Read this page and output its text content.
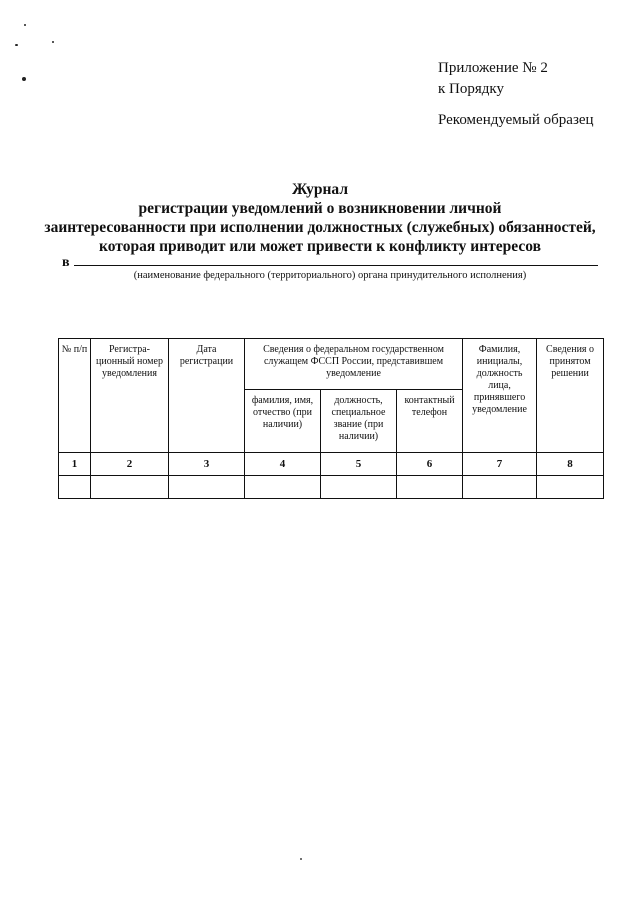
Приложение № 2
к Порядку
Рекомендуемый образец
Журнал
регистрации уведомлений о возникновении личной
заинтересованности при исполнении должностных (служебных) обязанностей,
которая приводит или может привести к конфликту интересов
в
(наименование федерального (территориального) органа принудительного исполнения)
№ п/п	Регистра-ционный номер уведомления	Дата регистрации	Сведения о федеральном государственном служащем ФССП России, представившем уведомление			Фамилия, инициалы, должность лица, принявшего уведомление	Сведения о принятом решении
			фамилия, имя, отчество (при наличии)	должность, специальное звание (при наличии)	контактный телефон		
1	2	3	4	5	6	7	8
